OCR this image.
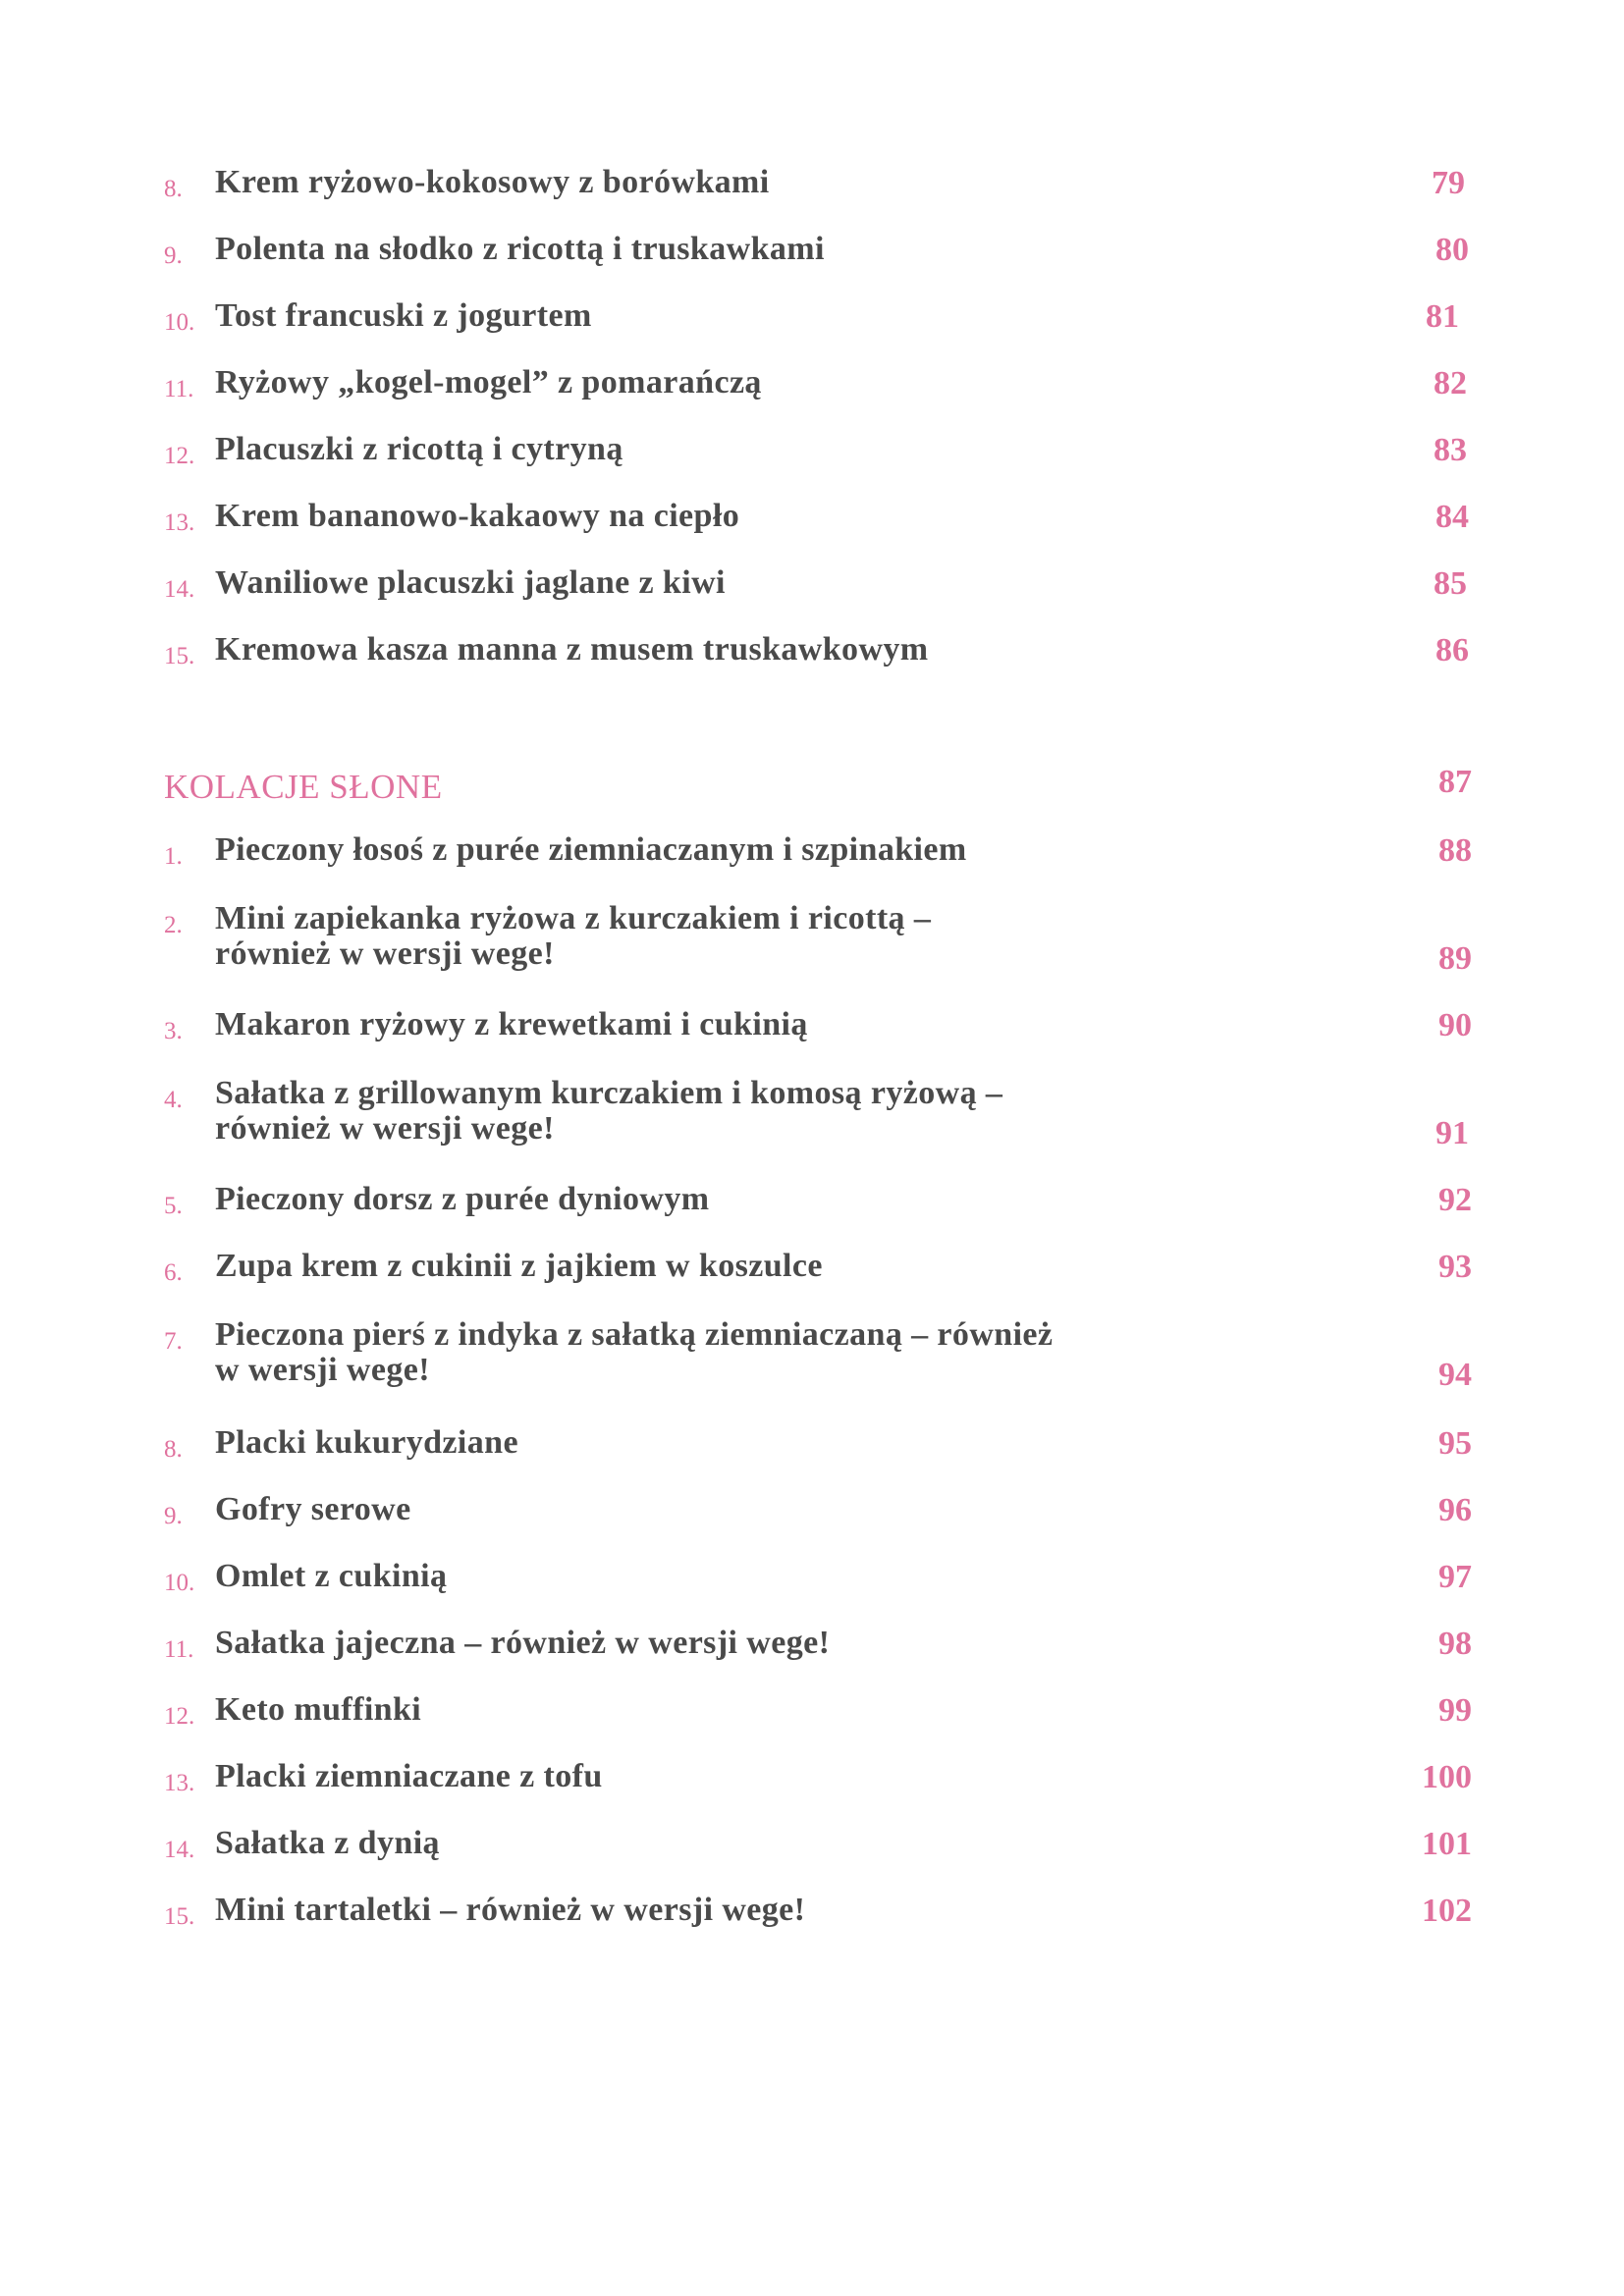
8. Krem ryżowo-kokosowy z borówkami	79
9. Polenta na słodko z ricottą i truskawkami	80
10. Tost francuski z jogurtem	81
11. Ryżowy „kogel-mogel” z pomarańczą	82
12. Placuszki z ricottą i cytryną	83
13. Krem bananowo-kakaowy na ciepło	84
14. Waniliowe placuszki jaglane z kiwi	85
15. Kremowa kasza manna z musem truskawkowym	86
KOLACJE SŁONE	87
1. Pieczony łosoś z purée ziemniaczanym i szpinakiem	88
2. Mini zapiekanka ryżowa z kurczakiem i ricottą –
również w wersji wege!	89
3. Makaron ryżowy z krewetkami i cukinią	90
4. Sałatka z grillowanym kurczakiem i komosą ryżową –
również w wersji wege!	91
5. Pieczony dorsz z purée dyniowym	92
6. Zupa krem z cukinii z jajkiem w koszulce	93
7. Pieczona pierś z indyka z sałatką ziemniaczaną – również
w wersji wege!	94
8. Placki kukurydziane	95
9. Gofry serowe	96
10. Omlet z cukinią	97
11. Sałatka jajeczna – również w wersji wege!	98
12. Keto muffinki	99
13. Placki ziemniaczane z tofu	100
14. Sałatka z dynią	101
15. Mini tartaletki – również w wersji wege!	102
